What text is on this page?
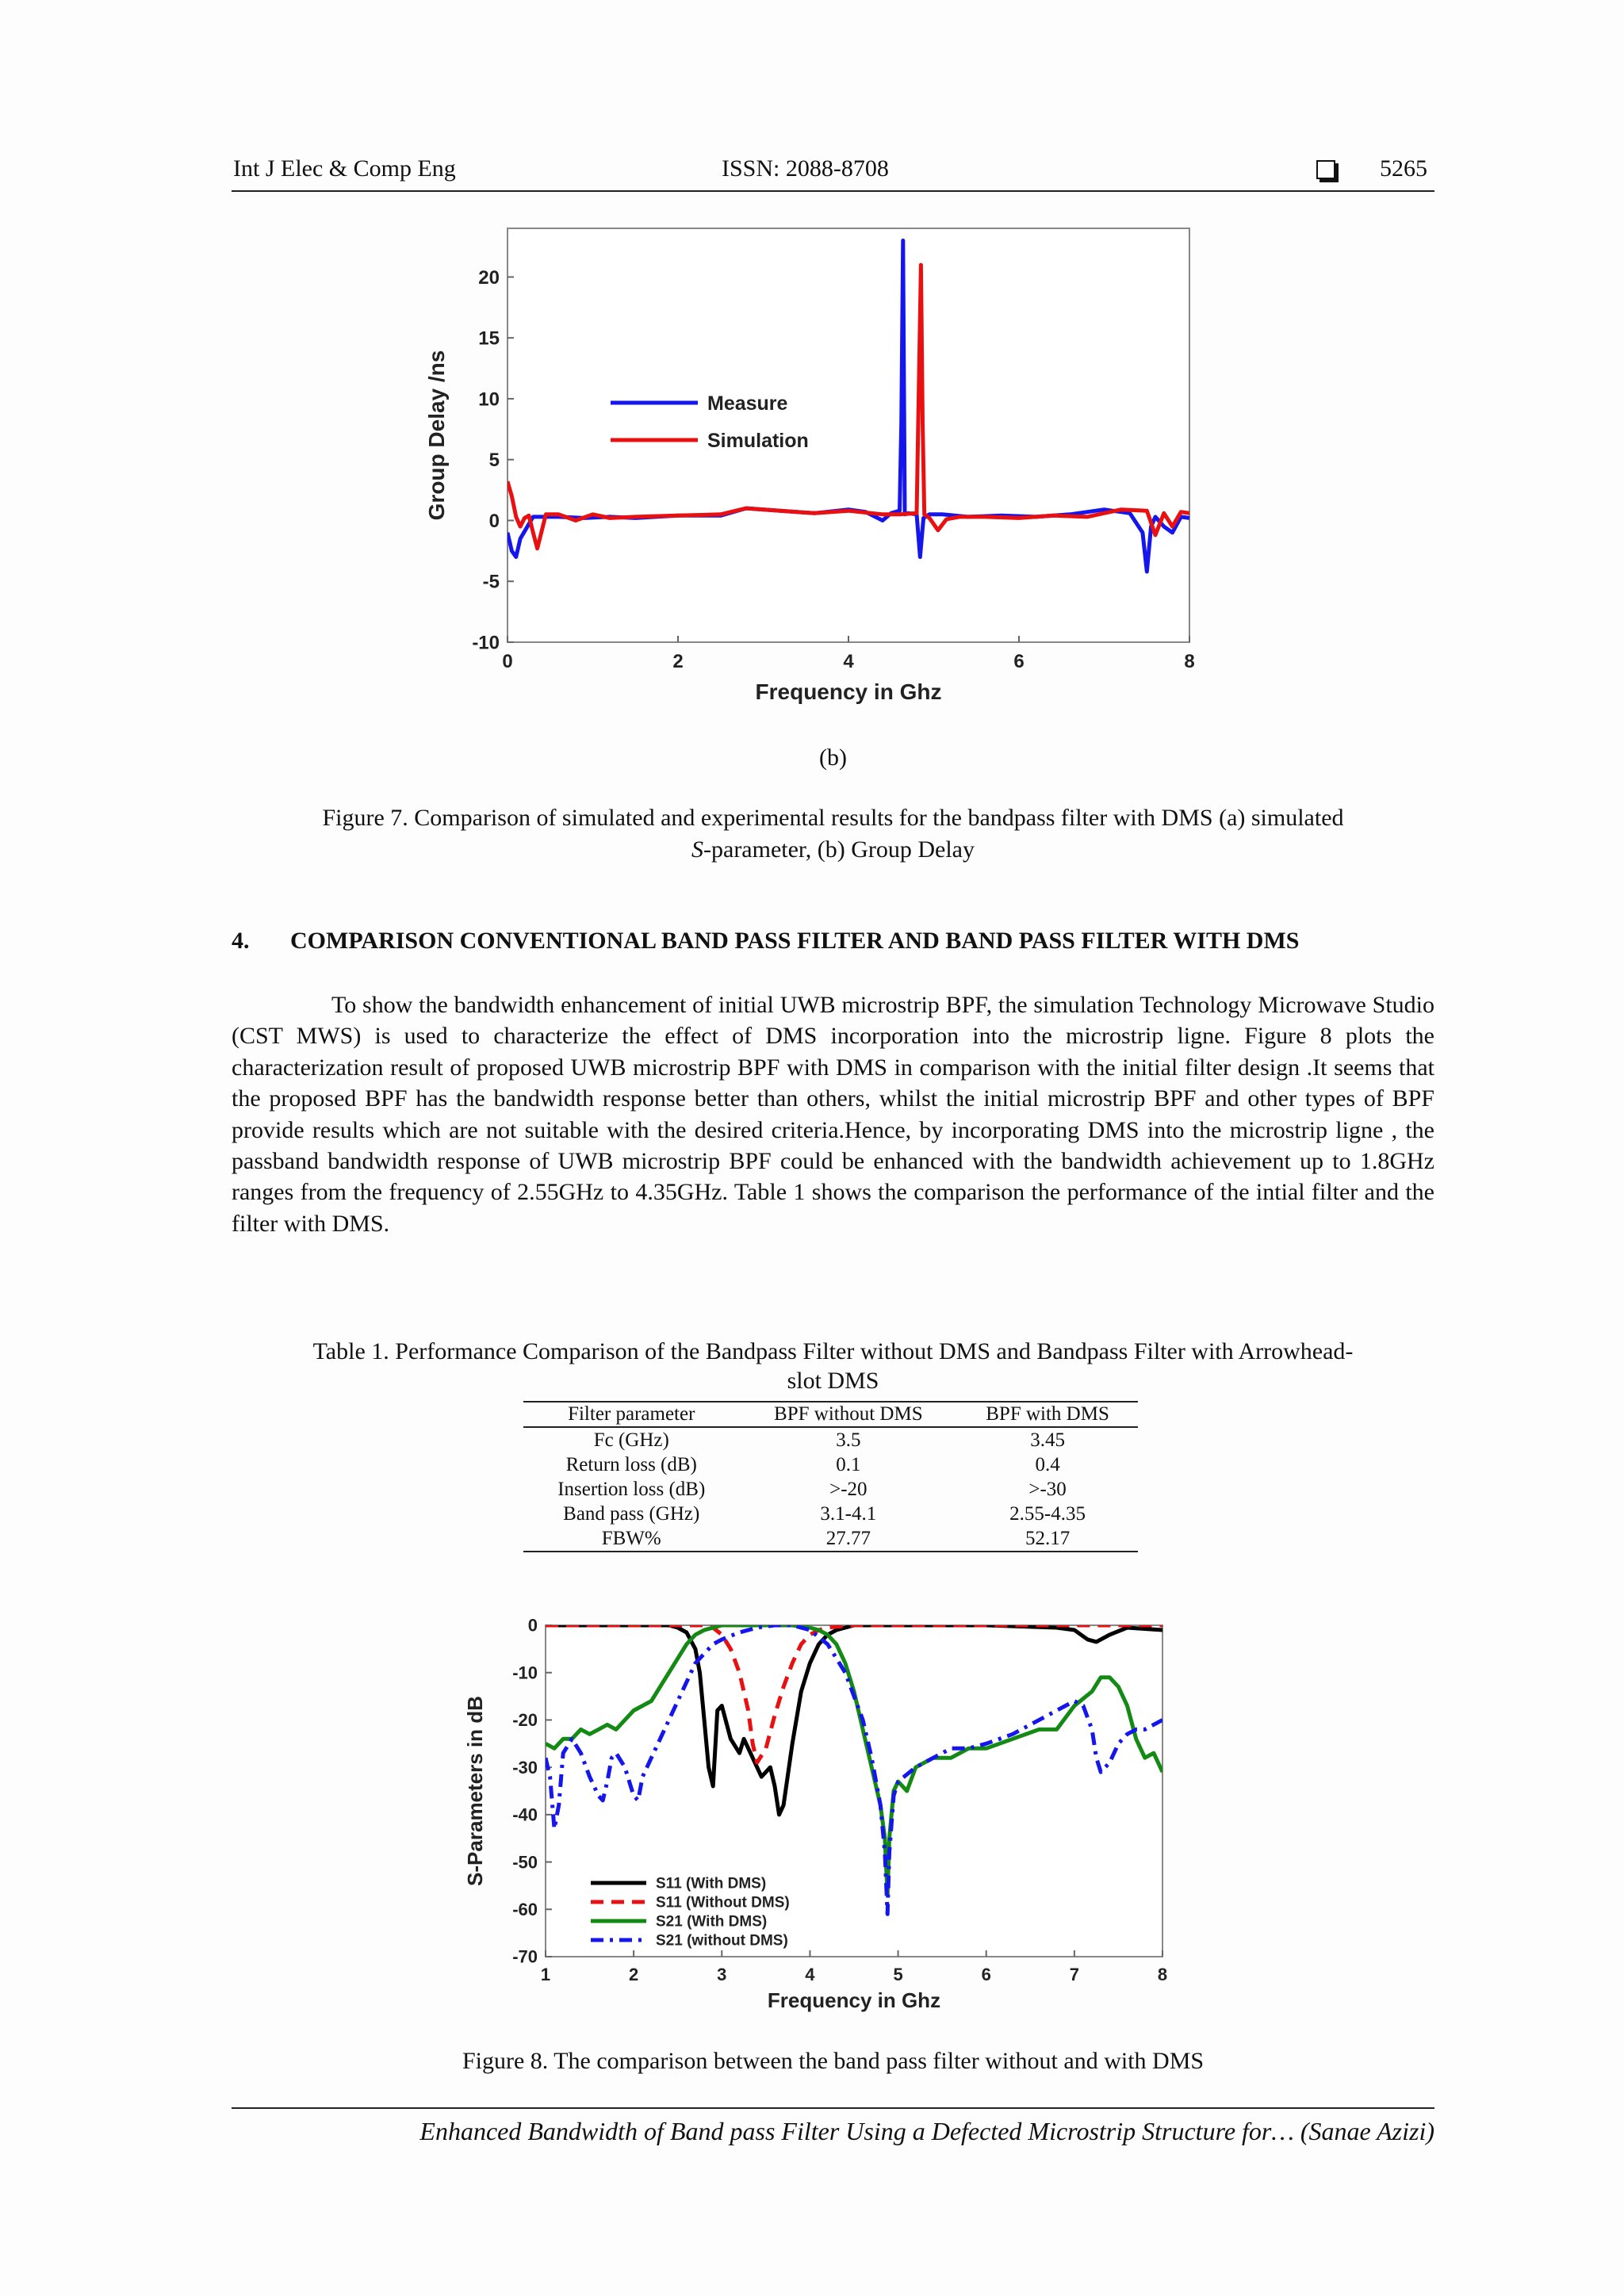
Int J Elec & Comp Eng	ISSN: 2088-8708	5265
0	2	4	6	8
-10
-5
0
5
10
15
20
Frequency in Ghz
Group Delay /ns	Measure
Simulation
(b)
Figure 7. Comparison of simulated and experimental results for the bandpass filter with DMS (a) simulated
S-parameter, (b) Group Delay
4. COMPARISON CONVENTIONAL BAND PASS FILTER AND BAND PASS FILTER WITH DMS
To show the bandwidth enhancement of initial UWB microstrip BPF, the simulation Technology Microwave Studio (CST MWS) is used to characterize the effect of DMS incorporation into the microstrip ligne. Figure 8 plots the characterization result of proposed UWB microstrip BPF with DMS in comparison with the initial filter design .It seems that the proposed BPF has the bandwidth response better than others, whilst the initial microstrip BPF and other types of BPF provide results which are not suitable with the desired criteria.Hence, by incorporating DMS into the microstrip ligne , the passband bandwidth response of UWB microstrip BPF could be enhanced with the bandwidth achievement up to 1.8GHz ranges from the frequency of 2.55GHz to 4.35GHz. Table 1 shows the comparison the performance of the intial filter and the filter with DMS.
Table 1. Performance Comparison of the Bandpass Filter without DMS and Bandpass Filter with Arrowhead-
slot DMS
Filter parameter	BPF without DMS	BPF with DMS
Fc (GHz)	3.5	3.45
Return loss (dB)	0.1	0.4
Insertion loss (dB)	>-20	>-30
Band pass (GHz)	3.1-4.1	2.55-4.35
FBW%	27.77	52.17
1	2	3	4	5	6	7	8
0
-10
-20
-30
-40
-50
-60
-70
Frequency in Ghz
S-Parameters in dB	S11 (With DMS)
S11 (Without DMS)
S21 (With DMS)
S21 (without DMS)
Figure 8. The comparison between the band pass filter without and with DMS
Enhanced Bandwidth of Band pass Filter Using a Defected Microstrip Structure for… (Sanae Azizi)
